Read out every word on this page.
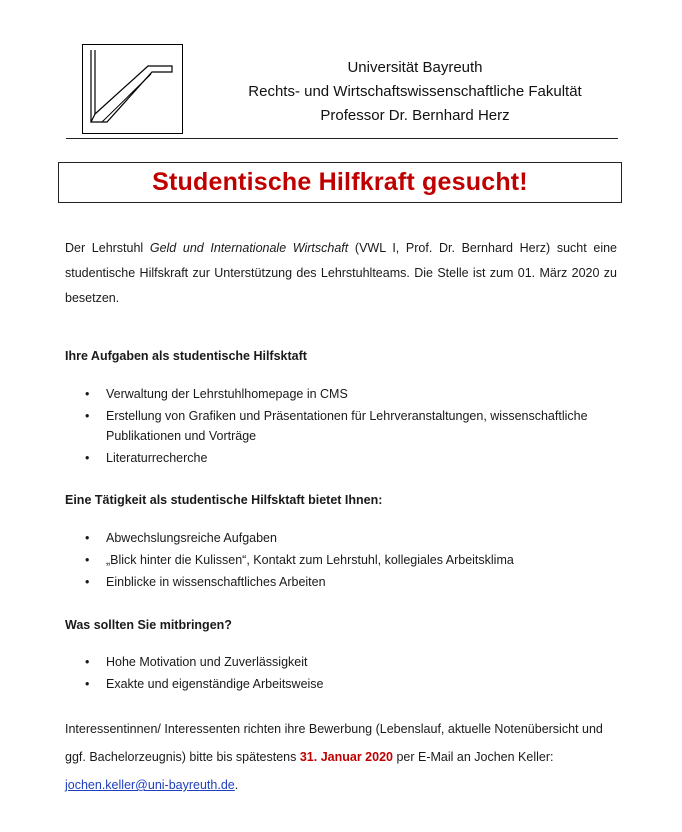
Universität Bayreuth
Rechts- und Wirtschaftswissenschaftliche Fakultät
Professor Dr. Bernhard Herz
Studentische Hilfkraft gesucht!

Der Lehrstuhl Geld und Internationale Wirtschaft (VWL I, Prof. Dr. Bernhard Herz) sucht eine studentische Hilfskraft zur Unterstützung des Lehrstuhlteams. Die Stelle ist zum 01. März 2020 zu besetzen.

Ihre Aufgaben als studentische Hilfsktaft

• Verwaltung der Lehrstuhlhomepage in CMS
• Erstellung von Grafiken und Präsentationen für Lehrveranstaltungen, wissenschaftliche Publikationen und Vorträge
• Literaturrecherche

Eine Tätigkeit als studentische Hilfsktaft bietet Ihnen:

• Abwechslungsreiche Aufgaben
• „Blick hinter die Kulissen“, Kontakt zum Lehrstuhl, kollegiales Arbeitsklima
• Einblicke in wissenschaftliches Arbeiten

Was sollten Sie mitbringen?

• Hohe Motivation und Zuverlässigkeit
• Exakte und eigenständige Arbeitsweise

Interessentinnen/ Interessenten richten ihre Bewerbung (Lebenslauf, aktuelle Notenübersicht und ggf. Bachelorzeugnis) bitte bis spätestens 31. Januar 2020 per E-Mail an Jochen Keller:
jochen.keller@uni-bayreuth.de.
